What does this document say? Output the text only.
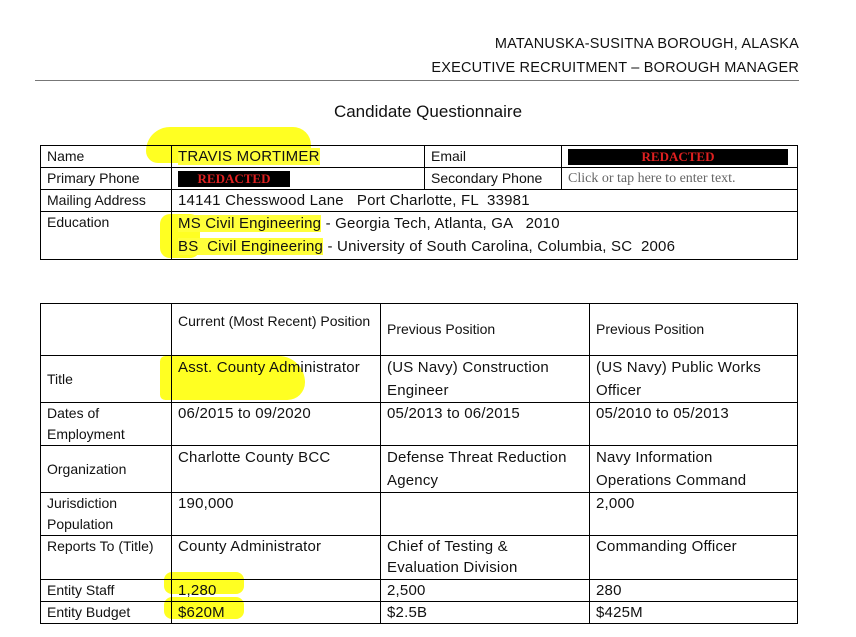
MATANUSKA-SUSITNA BOROUGH, ALASKA
EXECUTIVE RECRUITMENT – BOROUGH MANAGER
Candidate Questionnaire
Name	TRAVIS MORTIMER	Email	REDACTED
Primary Phone	REDACTED	Secondary Phone	Click or tap here to enter text.
Mailing Address	14141 Chesswood Lane   Port Charlotte, FL  33981		
Education	MS Civil Engineering - Georgia Tech, Atlanta, GA   2010
BS  Civil Engineering - University of South Carolina, Columbia, SC  2006		
	Current (Most Recent) Position	Previous Position	Previous Position
Title	Asst. County Administrator	(US Navy) Construction Engineer	(US Navy) Public Works Officer
Dates of Employment	06/2015 to 09/2020	05/2013 to 06/2015	05/2010 to 05/2013
Organization	Charlotte County BCC	Defense Threat Reduction Agency	Navy Information Operations Command
Jurisdiction Population	190,000		2,000
Reports To (Title)	County Administrator	Chief of Testing & Evaluation Division	Commanding Officer
Entity Staff	1,280	2,500	280
Entity Budget	$620M	$2.5B	$425M
